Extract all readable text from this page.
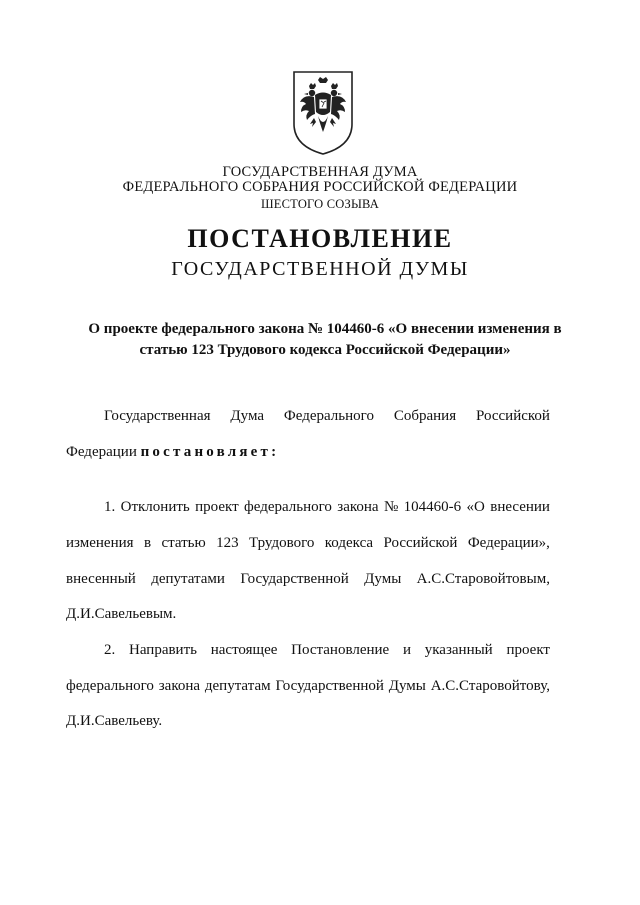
ГОСУДАРСТВЕННАЯ ДУМА
ФЕДЕРАЛЬНОГО СОБРАНИЯ РОССИЙСКОЙ ФЕДЕРАЦИИ
ШЕСТОГО СОЗЫВА
ПОСТАНОВЛЕНИЕ
ГОСУДАРСТВЕННОЙ ДУМЫ
О проекте федерального закона № 104460-6 «О внесении изменения в
статью 123 Трудового кодекса Российской Федерации»
Государственная Дума Федерального Собрания Российской
Федерации постановляет:
1. Отклонить проект федерального закона № 104460-6 «О внесении
изменения в статью 123 Трудового кодекса Российской Федерации»,
внесенный депутатами Государственной Думы А.С.Старовойтовым,
Д.И.Савельевым.
2. Направить настоящее Постановление и указанный проект
федерального закона депутатам Государственной Думы А.С.Старовойтову,
Д.И.Савельеву.
